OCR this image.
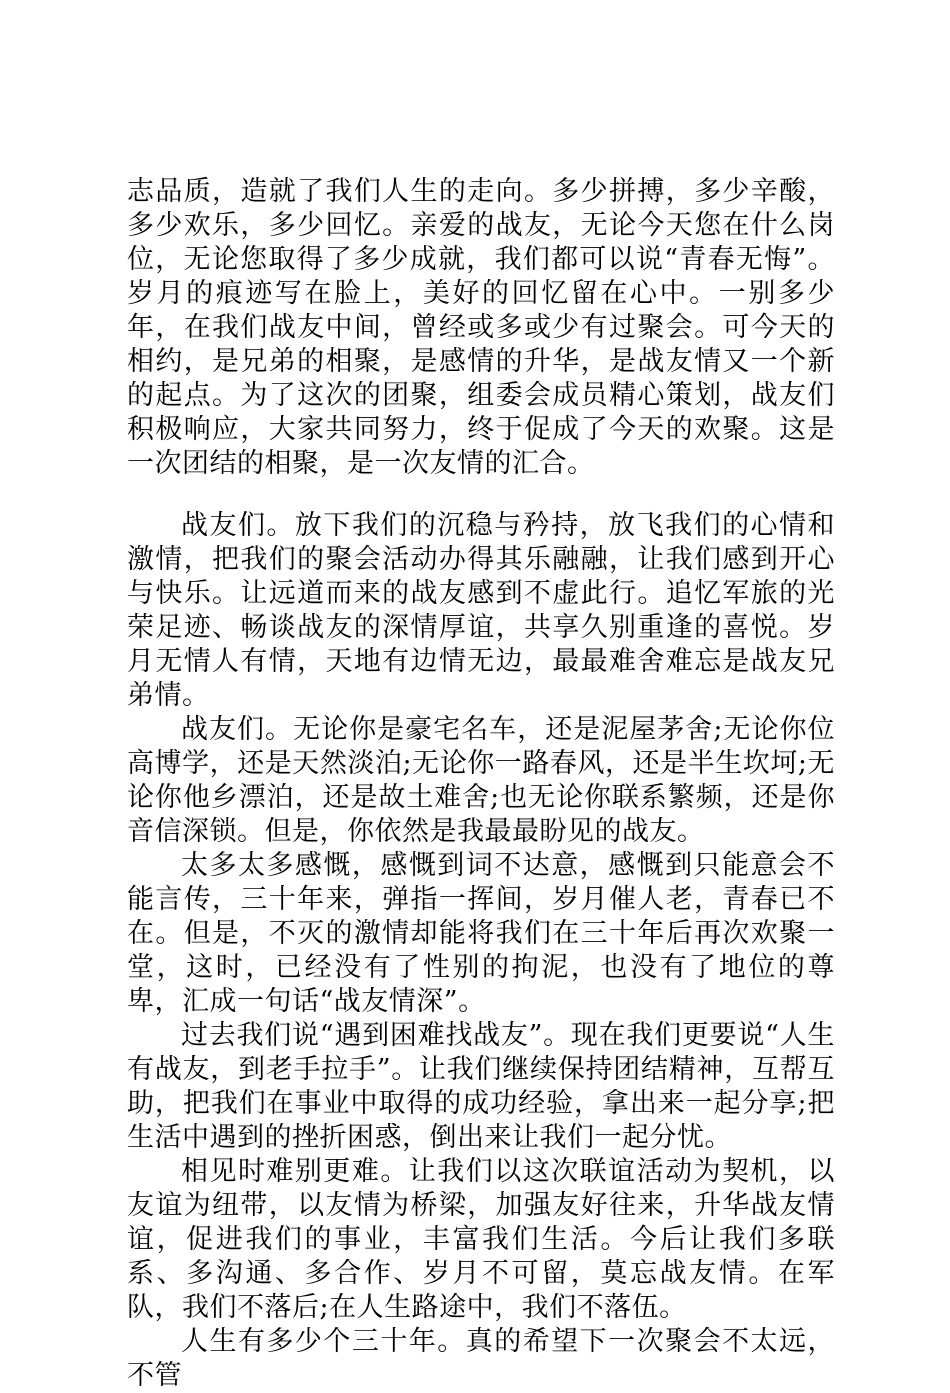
志品质，造就了我们人生的走向。多少拼搏，多少辛酸，多少欢乐，多少回忆。亲爱的战友，无论今天您在什么岗位，无论您取得了多少成就，我们都可以说“青春无悔”。岁月的痕迹写在脸上，美好的回忆留在心中。一别多少年，在我们战友中间，曾经或多或少有过聚会。可今天的相约，是兄弟的相聚，是感情的升华，是战友情又一个新的起点。为了这次的团聚，组委会成员精心策划，战友们积极响应，大家共同努力，终于促成了今天的欢聚。这是一次团结的相聚，是一次友情的汇合。

战友们。放下我们的沉稳与矜持，放飞我们的心情和激情，把我们的聚会活动办得其乐融融，让我们感到开心与快乐。让远道而来的战友感到不虚此行。追忆军旅的光荣足迹、畅谈战友的深情厚谊，共享久别重逢的喜悦。岁月无情人有情，天地有边情无边，最最难舍难忘是战友兄弟情。

战友们。无论你是豪宅名车，还是泥屋茅舍;无论你位高博学，还是天然淡泊;无论你一路春风，还是半生坎坷;无论你他乡漂泊，还是故土难舍;也无论你联系繁频，还是你音信深锁。但是，你依然是我最最盼见的战友。

太多太多感慨，感慨到词不达意，感慨到只能意会不能言传，三十年来，弹指一挥间，岁月催人老，青春已不在。但是，不灭的激情却能将我们在三十年后再次欢聚一堂，这时，已经没有了性别的拘泥，也没有了地位的尊卑，汇成一句话“战友情深”。

过去我们说“遇到困难找战友”。现在我们更要说“人生有战友，到老手拉手”。让我们继续保持团结精神，互帮互助，把我们在事业中取得的成功经验，拿出来一起分享;把生活中遇到的挫折困惑，倒出来让我们一起分忧。

相见时难别更难。让我们以这次联谊活动为契机，以友谊为纽带，以友情为桥梁，加强友好往来，升华战友情谊，促进我们的事业，丰富我们生活。今后让我们多联系、多沟通、多合作、岁月不可留，莫忘战友情。在军队，我们不落后;在人生路途中，我们不落伍。

人生有多少个三十年。真的希望下一次聚会不太远，不管
